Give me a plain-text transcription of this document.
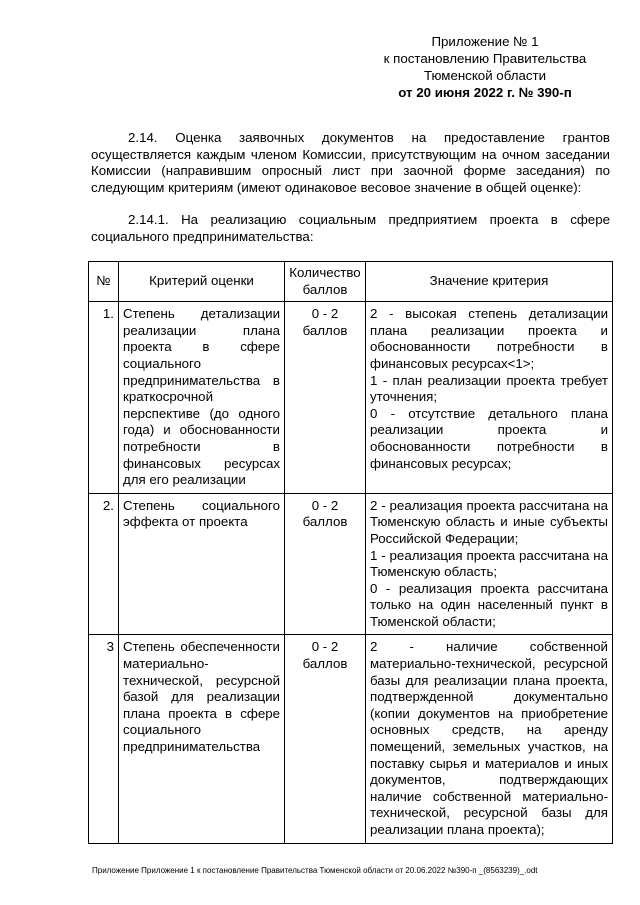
Приложение № 1
к постановлению Правительства
Тюменской области
от 20 июня 2022 г. № 390-п
2.14. Оценка заявочных документов на предоставление грантов осуществляется каждым членом Комиссии, присутствующим на очном заседании Комиссии (направившим опросный лист при заочной форме заседания) по следующим критериям (имеют одинаковое весовое значение в общей оценке):
2.14.1. На реализацию социальным предприятием проекта в сфере социального предпринимательства:
№	Критерий оценки	Количество баллов	Значение критерия
1.	Степень детализации реализации плана проекта в сфере социального предпринимательства в краткосрочной перспективе (до одного года) и обоснованности потребности в финансовых ресурсах для его реализации	0 - 2 баллов	2 - высокая степень детализации плана реализации проекта и обоснованности потребности в финансовых ресурсах<1>;
1 - план реализации проекта требует уточнения;
0 - отсутствие детального плана реализации проекта и обоснованности потребности в финансовых ресурсах;

2.	Степень социального эффекта от проекта	0 - 2 баллов	2 - реализация проекта рассчитана на Тюменскую область и иные субъекты Российской Федерации;
1 - реализация проекта рассчитана на Тюменскую область;
0 - реализация проекта рассчитана только на один населенный пункт в Тюменской области;

3	Степень обеспеченности материально-технической, ресурсной базой для реализации плана проекта в сфере социального предпринимательства	0 - 2 баллов	2 - наличие собственной материально-технической, ресурсной базы для реализации плана проекта, подтвержденной документально (копии документов на приобретение основных средств, на аренду помещений, земельных участков, на поставку сырья и материалов и иных документов, подтверждающих наличие собственной материально-технической, ресурсной базы для реализации плана проекта);
Приложение Приложение 1 к постановление Правительства Тюменской области от 20.06.2022 №390-п _(8563239)_.odt
